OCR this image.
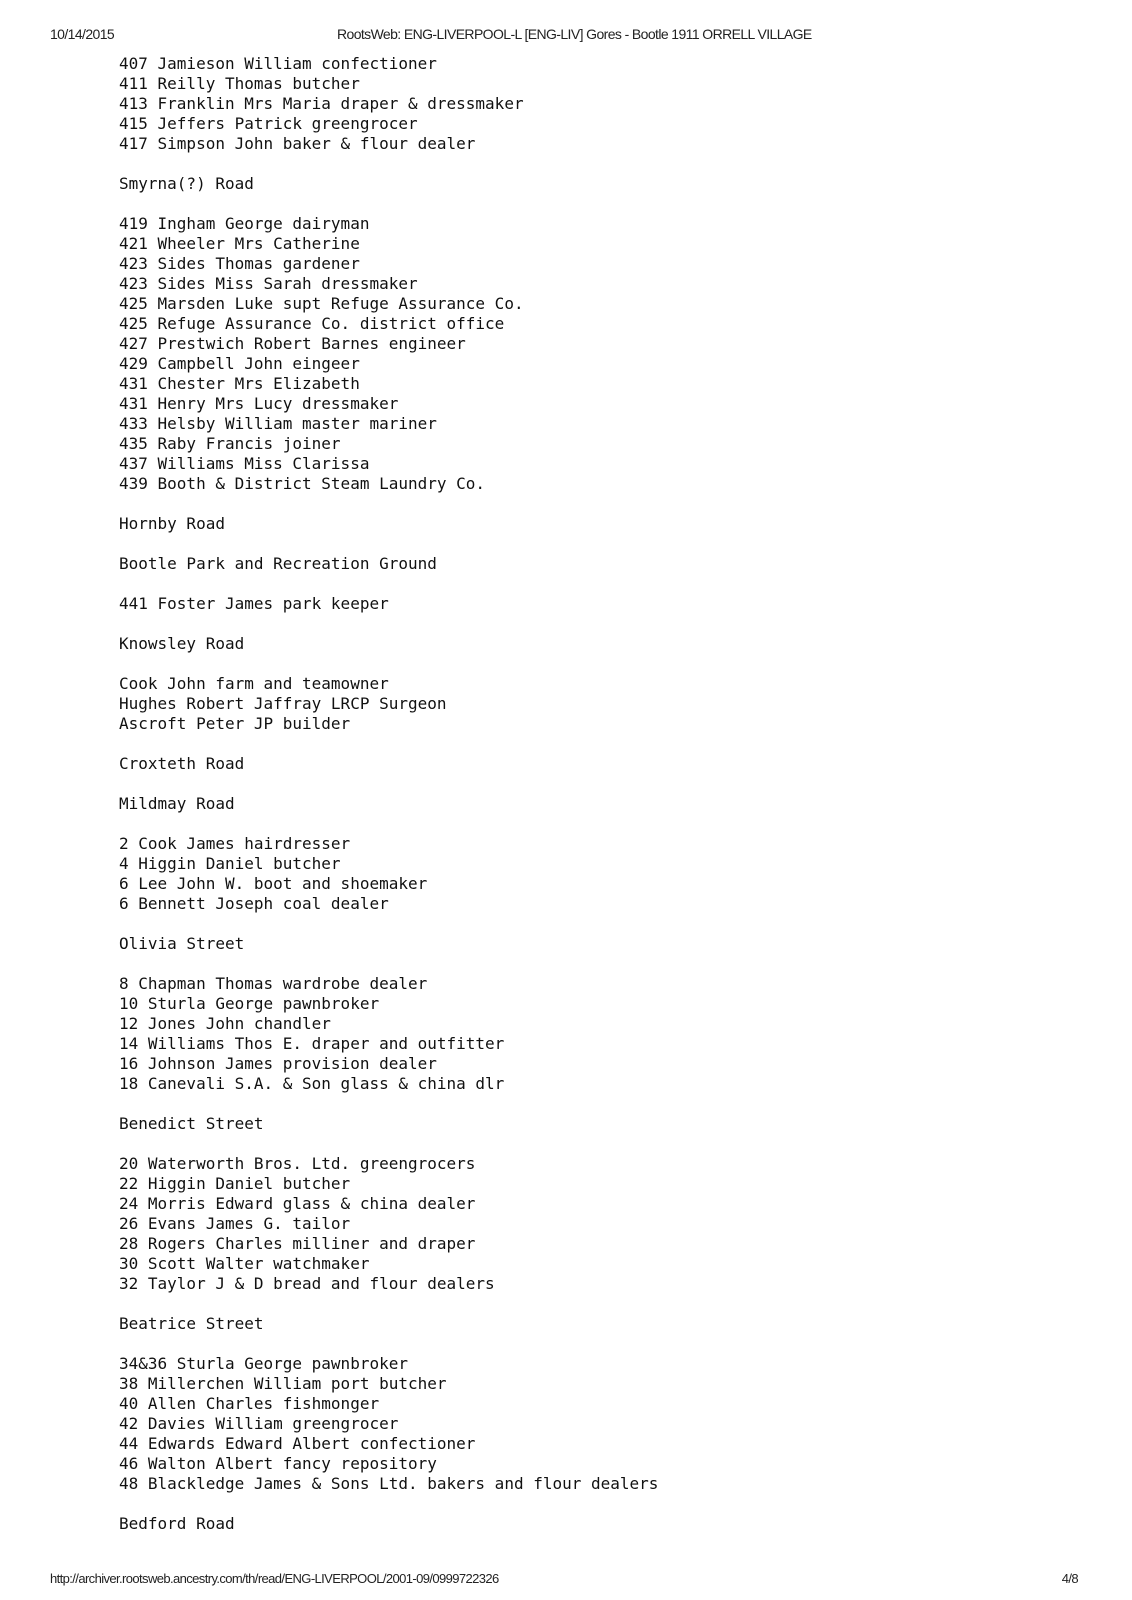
10/14/2015	RootsWeb: ENG-LIVERPOOL-L [ENG-LIV] Gores - Bootle 1911 ORRELL VILLAGE
407 Jamieson William confectioner
411 Reilly Thomas butcher
413 Franklin Mrs Maria draper & dressmaker
415 Jeffers Patrick greengrocer
417 Simpson John baker & flour dealer
Smyrna(?) Road
419 Ingham George dairyman
421 Wheeler Mrs Catherine
423 Sides Thomas gardener
423 Sides Miss Sarah dressmaker
425 Marsden Luke supt Refuge Assurance Co.
425 Refuge Assurance Co. district office
427 Prestwich Robert Barnes engineer
429 Campbell John eingeer
431 Chester Mrs Elizabeth
431 Henry Mrs Lucy dressmaker
433 Helsby William master mariner
435 Raby Francis joiner
437 Williams Miss Clarissa
439 Booth & District Steam Laundry Co.
Hornby Road
Bootle Park and Recreation Ground
441 Foster James park keeper
Knowsley Road
Cook John farm and teamowner
Hughes Robert Jaffray LRCP Surgeon
Ascroft Peter JP builder
Croxteth Road
Mildmay Road
2 Cook James hairdresser
4 Higgin Daniel butcher
6 Lee John W. boot and shoemaker
6 Bennett Joseph coal dealer
Olivia Street
8 Chapman Thomas wardrobe dealer
10 Sturla George pawnbroker
12 Jones John chandler
14 Williams Thos E. draper and outfitter
16 Johnson James provision dealer
18 Canevali S.A. & Son glass & china dlr
Benedict Street
20 Waterworth Bros. Ltd. greengrocers
22 Higgin Daniel butcher
24 Morris Edward glass & china dealer
26 Evans James G. tailor
28 Rogers Charles milliner and draper
30 Scott Walter watchmaker
32 Taylor J & D bread and flour dealers
Beatrice Street
34&36 Sturla George pawnbroker
38 Millerchen William port butcher
40 Allen Charles fishmonger
42 Davies William greengrocer
44 Edwards Edward Albert confectioner
46 Walton Albert fancy repository
48 Blackledge James & Sons Ltd. bakers and flour dealers
Bedford Road
http://archiver.rootsweb.ancestry.com/th/read/ENG-LIVERPOOL/2001-09/0999722326	4/8
